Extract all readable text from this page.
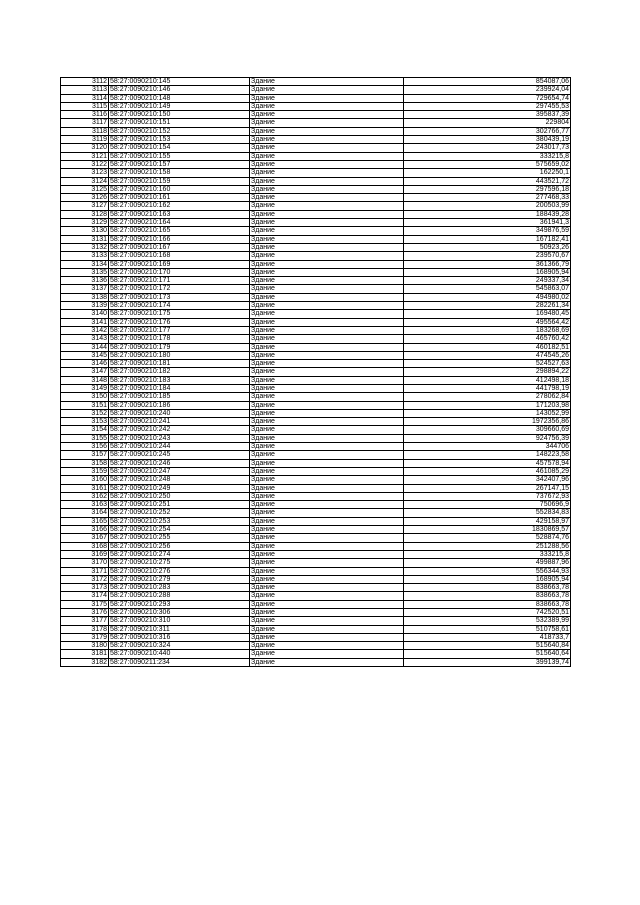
3112	58:27:0090210:145	Здание	854087,06
3113	58:27:0090210:146	Здание	239924,04
3114	58:27:0090210:148	Здание	729654,74
3115	58:27:0090210:149	Здание	297455,53
3116	58:27:0090210:150	Здание	395837,39
3117	58:27:0090210:151	Здание	229804
3118	58:27:0090210:152	Здание	302766,77
3119	58:27:0090210:153	Здание	380439,19
3120	58:27:0090210:154	Здание	243017,73
3121	58:27:0090210:155	Здание	333215,8
3122	58:27:0090210:157	Здание	575659,02
3123	58:27:0090210:158	Здание	162250,1
3124	58:27:0090210:159	Здание	443521,72
3125	58:27:0090210:160	Здание	297596,18
3126	58:27:0090210:161	Здание	277468,33
3127	58:27:0090210:162	Здание	200503,99
3128	58:27:0090210:163	Здание	188439,28
3129	58:27:0090210:164	Здание	361941,3
3130	58:27:0090210:165	Здание	349876,59
3131	58:27:0090210:166	Здание	167182,41
3132	58:27:0090210:167	Здание	50923,26
3133	58:27:0090210:168	Здание	239570,67
3134	58:27:0090210:169	Здание	361366,79
3135	58:27:0090210:170	Здание	168905,94
3136	58:27:0090210:171	Здание	249337,34
3137	58:27:0090210:172	Здание	545863,07
3138	58:27:0090210:173	Здание	494980,02
3139	58:27:0090210:174	Здание	282261,34
3140	58:27:0090210:175	Здание	169480,45
3141	58:27:0090210:176	Здание	495564,42
3142	58:27:0090210:177	Здание	183268,69
3143	58:27:0090210:178	Здание	465760,42
3144	58:27:0090210:179	Здание	460182,51
3145	58:27:0090210:180	Здание	474545,26
3146	58:27:0090210:181	Здание	524527,63
3147	58:27:0090210:182	Здание	298894,22
3148	58:27:0090210:183	Здание	412498,18
3149	58:27:0090210:184	Здание	441798,19
3150	58:27:0090210:185	Здание	278062,84
3151	58:27:0090210:186	Здание	171203,98
3152	58:27:0090210:240	Здание	143052,99
3153	58:27:0090210:241	Здание	1972356,86
3154	58:27:0090210:242	Здание	309660,69
3155	58:27:0090210:243	Здание	924756,39
3156	58:27:0090210:244	Здание	344706
3157	58:27:0090210:245	Здание	148223,58
3158	58:27:0090210:246	Здание	457578,94
3159	58:27:0090210:247	Здание	461085,29
3160	58:27:0090210:248	Здание	342407,96
3161	58:27:0090210:249	Здание	267147,15
3162	58:27:0090210:250	Здание	737672,93
3163	58:27:0090210:251	Здание	750696,9
3164	58:27:0090210:252	Здание	552834,83
3165	58:27:0090210:253	Здание	429158,97
3166	58:27:0090210:254	Здание	1830869,57
3167	58:27:0090210:255	Здание	528874,76
3168	58:27:0090210:256	Здание	251288,56
3169	58:27:0090210:274	Здание	333215,8
3170	58:27:0090210:275	Здание	499887,96
3171	58:27:0090210:276	Здание	556344,93
3172	58:27:0090210:279	Здание	168905,94
3173	58:27:0090210:283	Здание	838663,78
3174	58:27:0090210:288	Здание	838663,78
3175	58:27:0090210:293	Здание	838663,78
3176	58:27:0090210:306	Здание	742520,51
3177	58:27:0090210:310	Здание	532389,99
3178	58:27:0090210:311	Здание	510758,61
3179	58:27:0090210:316	Здание	418733,7
3180	58:27:0090210:324	Здание	515640,84
3181	58:27:0090210:440	Здание	515640,64
3182	58:27:0090211:234	Здание	399139,74
